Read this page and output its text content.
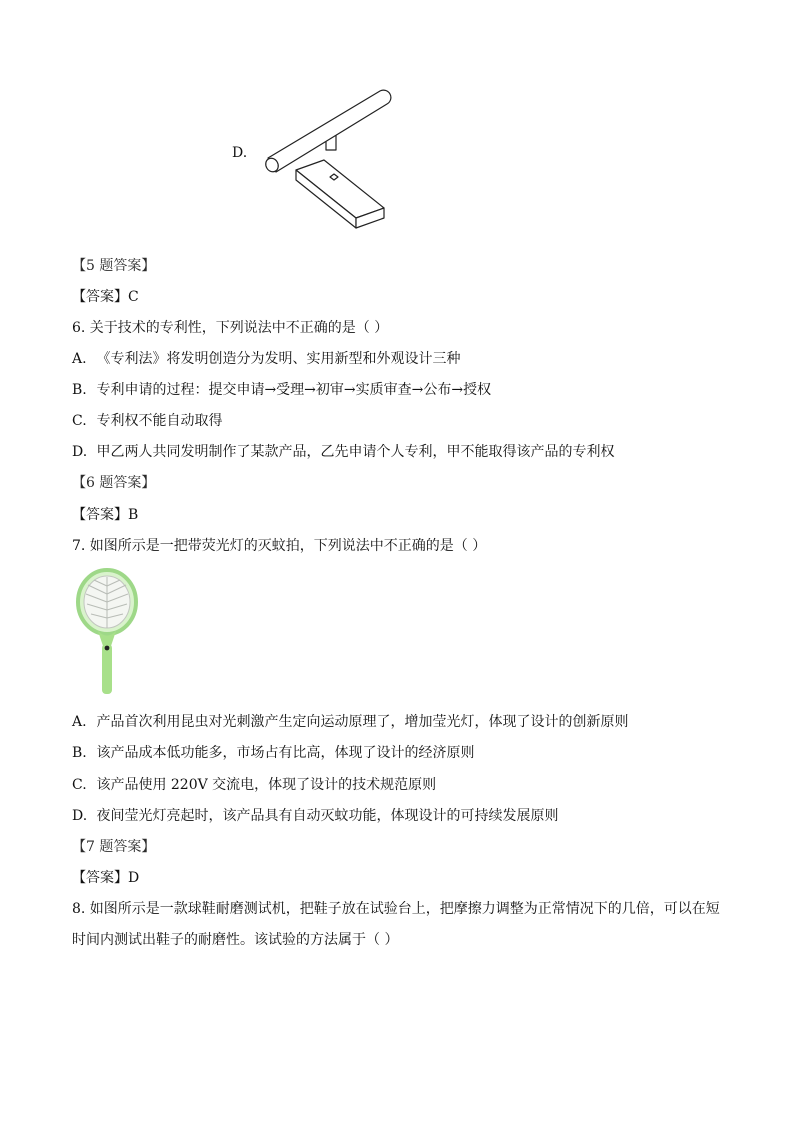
D.
【5 题答案】
【答案】C
6. 关于技术的专利性，下列说法中不正确的是（ ）
A. 《专利法》将发明创造分为发明、实用新型和外观设计三种
B. 专利申请的过程：提交申请→受理→初审→实质审查→公布→授权
C. 专利权不能自动取得
D. 甲乙两人共同发明制作了某款产品，乙先申请个人专利，甲不能取得该产品的专利权
【6 题答案】
【答案】B
7. 如图所示是一把带荧光灯的灭蚊拍，下列说法中不正确的是（ ）
A. 产品首次利用昆虫对光刺激产生定向运动原理了，增加莹光灯，体现了设计的创新原则
B. 该产品成本低功能多，市场占有比高，体现了设计的经济原则
C. 该产品使用 220V 交流电，体现了设计的技术规范原则
D. 夜间莹光灯亮起时，该产品具有自动灭蚊功能，体现设计的可持续发展原则
【7 题答案】
【答案】D
8. 如图所示是一款球鞋耐磨测试机，把鞋子放在试验台上，把摩擦力调整为正常情况下的几倍，可以在短
时间内测试出鞋子的耐磨性。该试验的方法属于（ ）
